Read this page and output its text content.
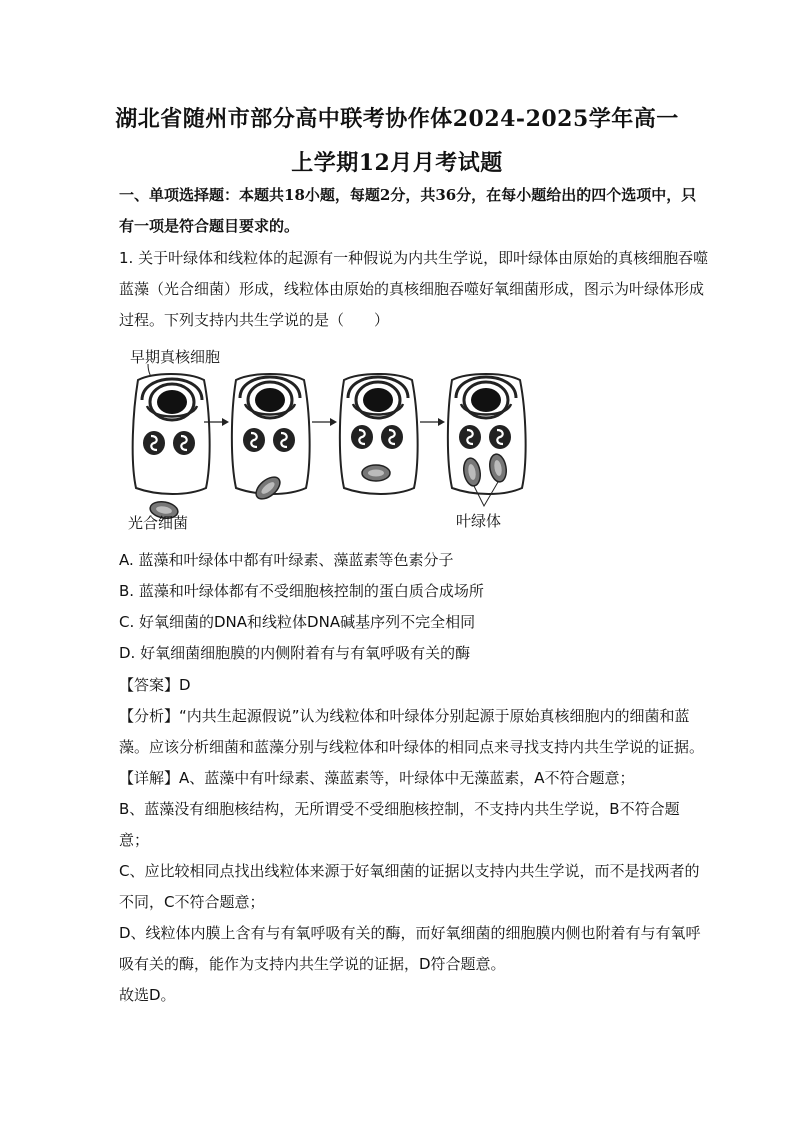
湖北省随州市部分高中联考协作体2024-2025学年高一
上学期12月月考试题
一、单项选择题：本题共18小题，每题2分，共36分，在每小题给出的四个选项中，只
有一项是符合题目要求的。
1. 关于叶绿体和线粒体的起源有一种假说为内共生学说，即叶绿体由原始的真核细胞吞噬
蓝藻（光合细菌）形成，线粒体由原始的真核细胞吞噬好氧细菌形成，图示为叶绿体形成
过程。下列支持内共生学说的是（　　）
早期真核细胞
光合细菌	叶绿体
A. 蓝藻和叶绿体中都有叶绿素、藻蓝素等色素分子
B. 蓝藻和叶绿体都有不受细胞核控制的蛋白质合成场所
C. 好氧细菌的DNA和线粒体DNA碱基序列不完全相同
D. 好氧细菌细胞膜的内侧附着有与有氧呼吸有关的酶
【答案】D
【分析】“内共生起源假说”认为线粒体和叶绿体分别起源于原始真核细胞内的细菌和蓝
藻。应该分析细菌和蓝藻分别与线粒体和叶绿体的相同点来寻找支持内共生学说的证据。
【详解】A、蓝藻中有叶绿素、藻蓝素等，叶绿体中无藻蓝素，A不符合题意；
B、蓝藻没有细胞核结构，无所谓受不受细胞核控制，不支持内共生学说，B不符合题
意；
C、应比较相同点找出线粒体来源于好氧细菌的证据以支持内共生学说，而不是找两者的
不同，C不符合题意；
D、线粒体内膜上含有与有氧呼吸有关的酶，而好氧细菌的细胞膜内侧也附着有与有氧呼
吸有关的酶，能作为支持内共生学说的证据，D符合题意。
故选D。
